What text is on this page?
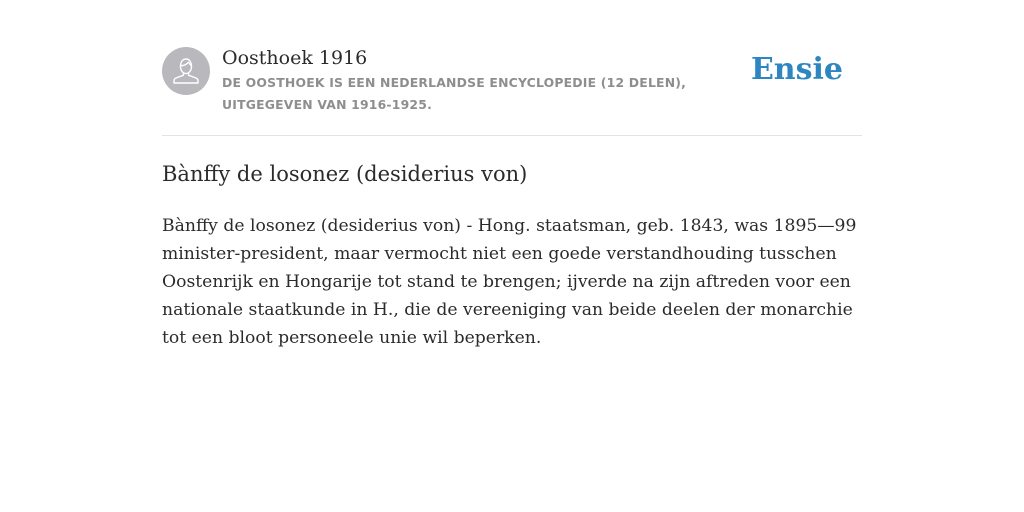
Oosthoek 1916
DE OOSTHOEK IS EEN NEDERLANDSE ENCYCLOPEDIE (12 DELEN), UITGEGEVEN VAN 1916-1925.
Ensie
Bànffy de losonez (desiderius von)

Bànffy de losonez (desiderius von) - Hong. staatsman, geb. 1843, was 1895—99 minister-president, maar vermocht niet een goede verstandhouding tusschen Oostenrijk en Hongarije tot stand te brengen; ijverde na zijn aftreden voor een nationale staatkunde in H., die de vereeniging van beide deelen der monarchie tot een bloot personeele unie wil beperken.
